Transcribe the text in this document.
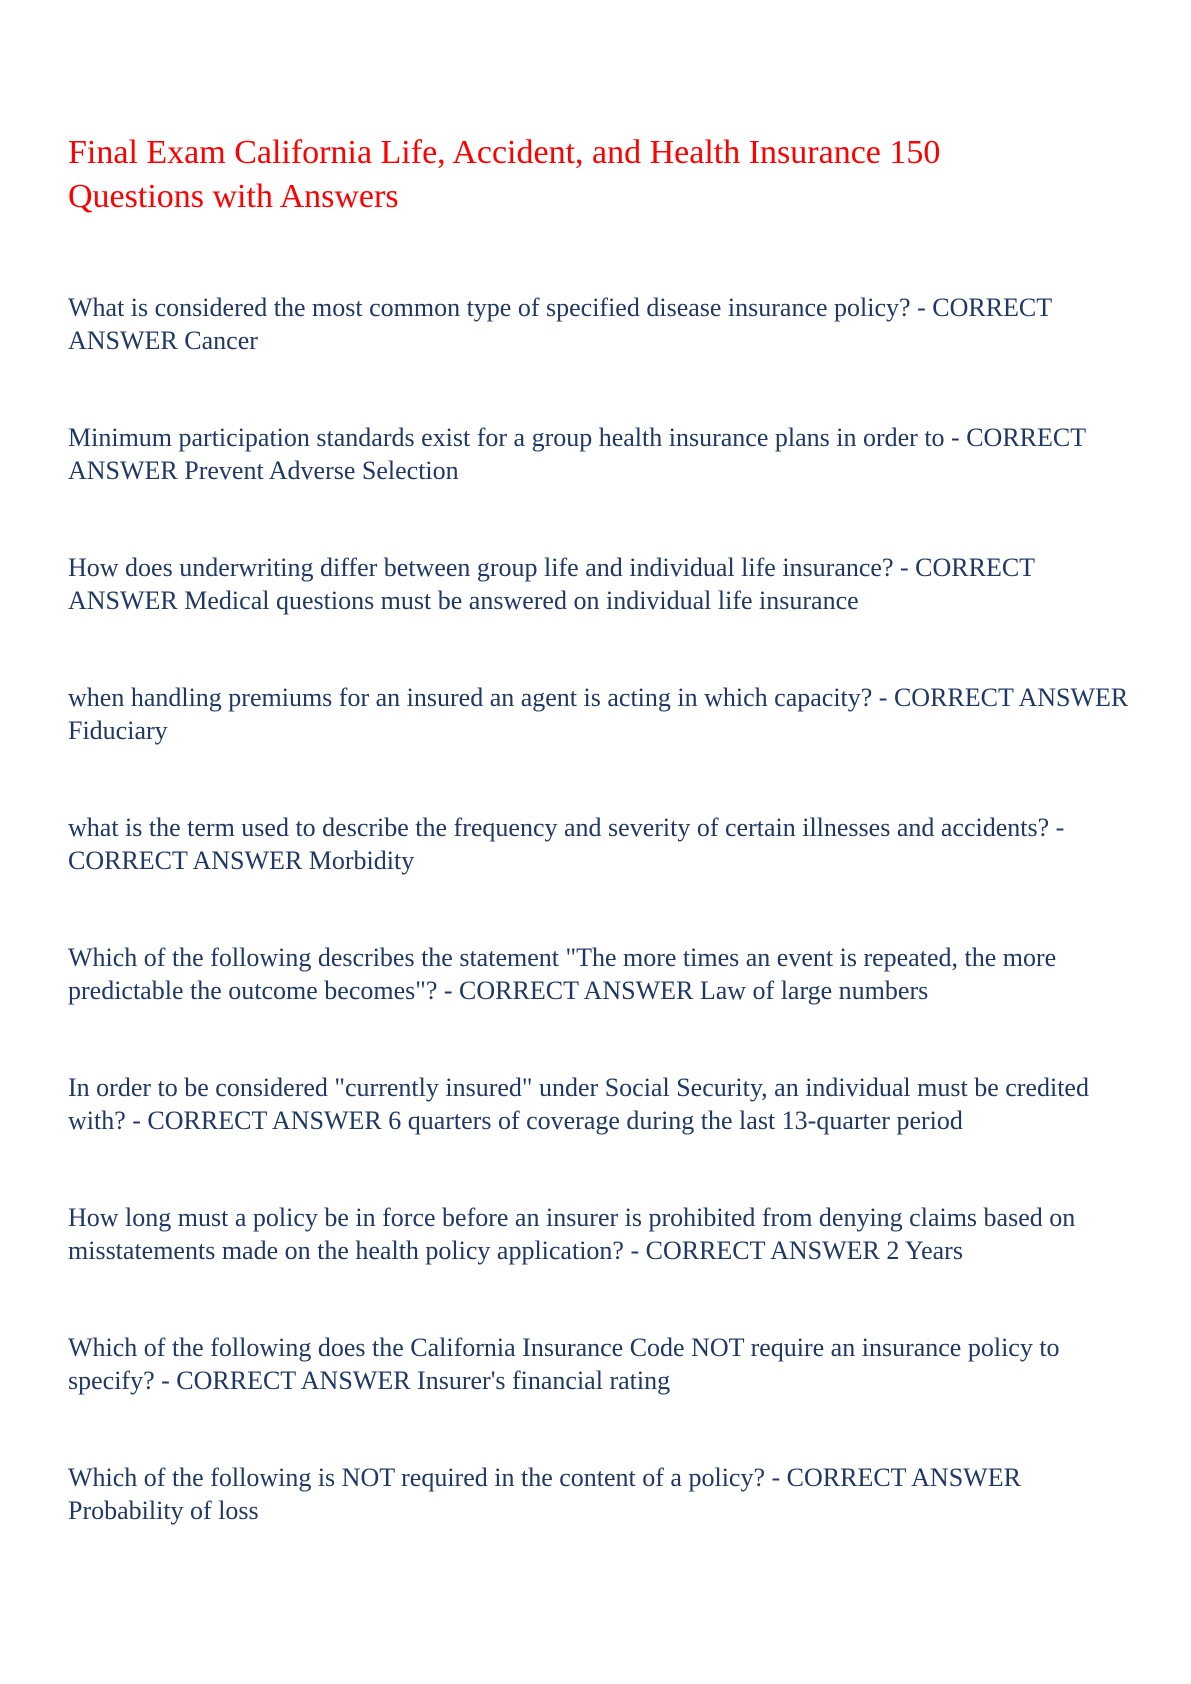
Final Exam California Life, Accident, and Health Insurance 150 Questions with Answers
What is considered the most common type of specified disease insurance policy? - CORRECT ANSWER Cancer
Minimum participation standards exist for a group health insurance plans in order to - CORRECT ANSWER Prevent Adverse Selection
How does underwriting differ between group life and individual life insurance? - CORRECT ANSWER Medical questions must be answered on individual life insurance
when handling premiums for an insured an agent is acting in which capacity? - CORRECT ANSWER Fiduciary
what is the term used to describe the frequency and severity of certain illnesses and accidents? - CORRECT ANSWER Morbidity
Which of the following describes the statement "The more times an event is repeated, the more predictable the outcome becomes"? - CORRECT ANSWER Law of large numbers
In order to be considered "currently insured" under Social Security, an individual must be credited with? - CORRECT ANSWER 6 quarters of coverage during the last 13-quarter period
How long must a policy be in force before an insurer is prohibited from denying claims based on misstatements made on the health policy application? - CORRECT ANSWER 2 Years
Which of the following does the California Insurance Code NOT require an insurance policy to specify? - CORRECT ANSWER Insurer's financial rating
Which of the following is NOT required in the content of a policy? - CORRECT ANSWER Probability of loss
